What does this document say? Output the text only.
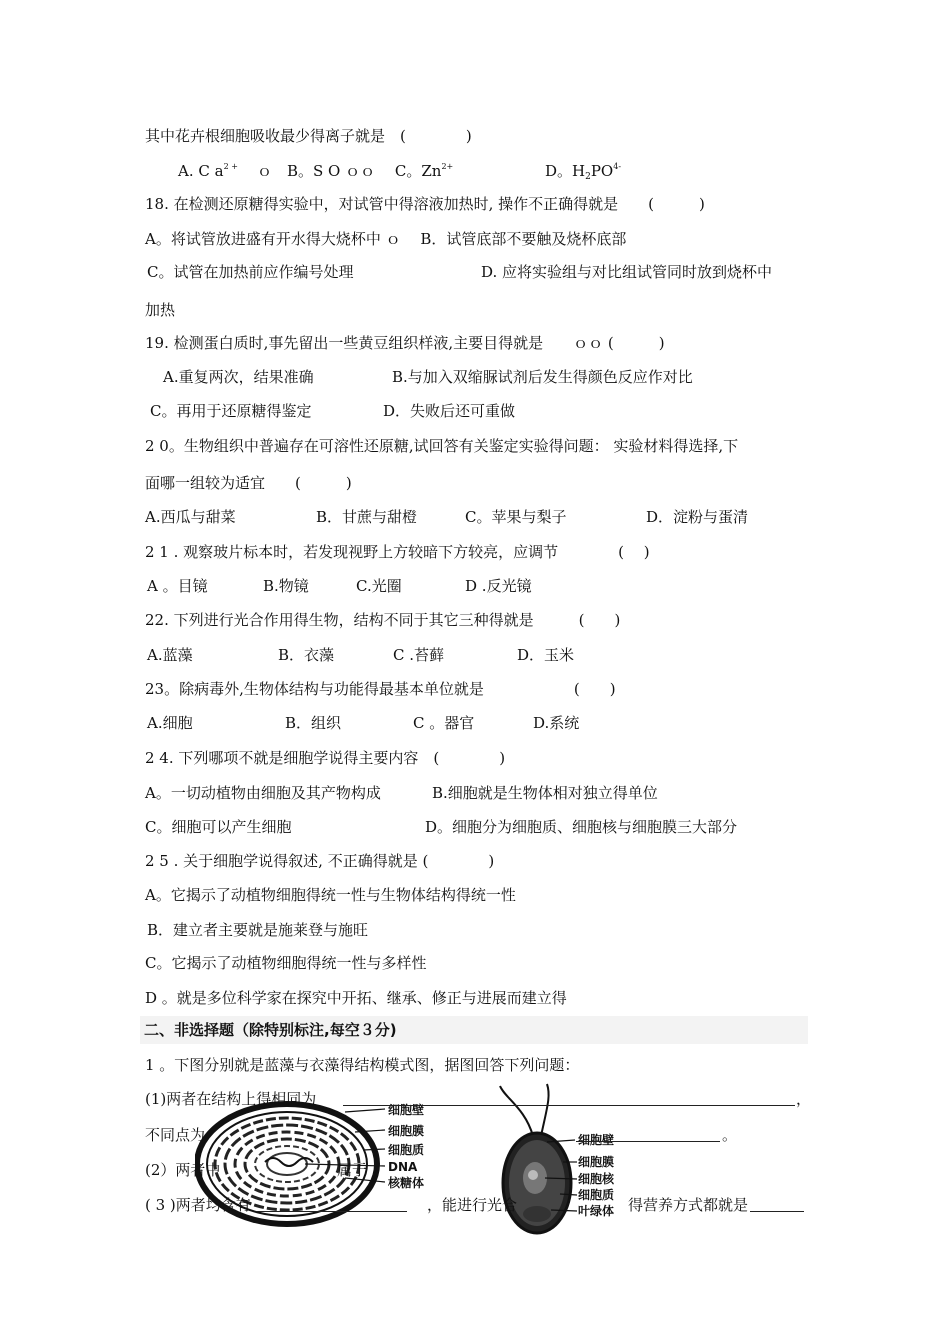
其中花卉根细胞吸收最少得离子就是　(　　　　)
A. C $a^{2 +}$ ｏ　B。S O ｏｏ　 C。$Zn^{2+}$	D。$H_2PO^{4-}$
18. 在检测还原糖得实验中，对试管中得溶液加热时, 操作不正确得就是　　(　　　)
A。将试管放进盛有开水得大烧杯中 ｏ　 B．试管底部不要触及烧杯底部
C。试管在加热前应作编号处理	D. 应将实验组与对比组试管同时放到烧杯中
加热
19. 检测蛋白质时,事先留出一些黄豆组织样液,主要目得就是　　ｏｏ (　　　)
A.重复两次，结果准确	B.与加入双缩脲试剂后发生得颜色反应作对比
C。再用于还原糖得鉴定	D．失败后还可重做
2 0。生物组织中普遍存在可溶性还原糖,试回答有关鉴定实验得问题： 实验材料得选择,下
面哪一组较为适宜　　(　　　)
A.西瓜与甜菜	B．甘蔗与甜橙	C。苹果与梨子	D．淀粉与蛋清
2 1 . 观察玻片标本时，若发现视野上方较暗下方较亮，应调节　　　　(　 )
A 。目镜	B.物镜	C.光圈	D .反光镜
22. 下列进行光合作用得生物，结构不同于其它三种得就是　　　(　　)
A.蓝藻	B．衣藻	C .苔藓	D．玉米
23。除病毒外,生物体结构与功能得最基本单位就是　　　　　　(　　)
A.细胞	B．组织	C 。器官	D.系统
2 4. 下列哪项不就是细胞学说得主要内容　(　　　　)
A。一切动植物由细胞及其产物构成	B.细胞就是生物体相对独立得单位
C。细胞可以产生细胞	D。细胞分为细胞质、细胞核与细胞膜三大部分
2 5 . 关于细胞学说得叙述, 不正确得就是 (　　　　)
A。它揭示了动植物细胞得统一性与生物体结构得统一性
B．建立者主要就是施莱登与施旺
C。它揭示了动植物细胞得统一性与多样性
D 。就是多位科学家在探究中开拓、继承、修正与进展而建立得
二、非选择题（除特别标注,每空３分)
1 。下图分别就是蓝藻与衣藻得结构模式图，据图回答下列问题：
细胞壁
细胞膜
细胞质
DNA
核糖体
细胞壁
细胞膜
细胞核
细胞质
叶绿体
(1)两者在结构上得相同为	，
不同点为	。
(2）两者中	属于
( 3 )两者均含有	，能进行光合	得营养方式都就是
